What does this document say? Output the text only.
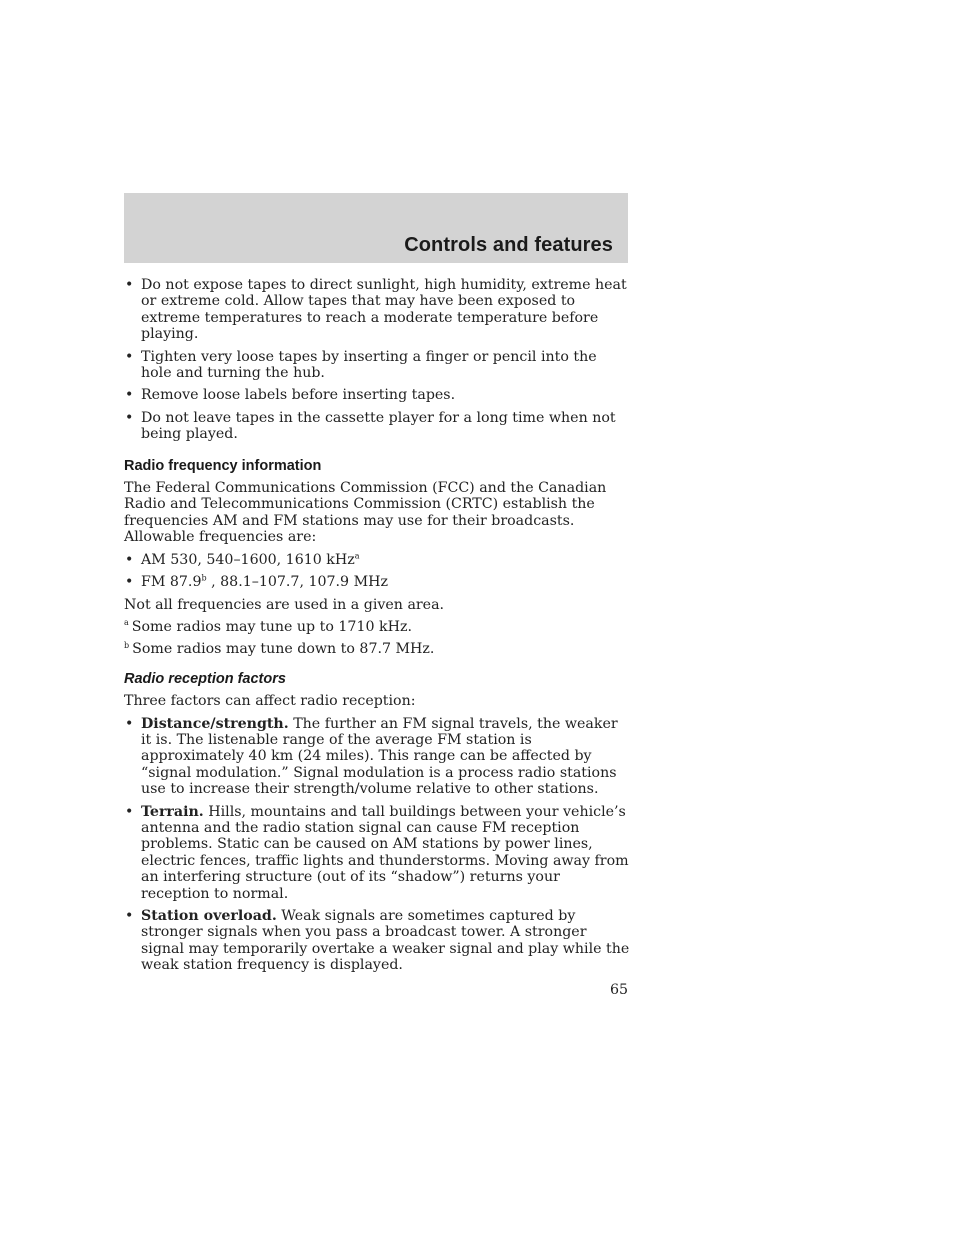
Controls and features
• Do not expose tapes to direct sunlight, high humidity, extreme heat or extreme cold. Allow tapes that may have been exposed to extreme temperatures to reach a moderate temperature before playing.
• Tighten very loose tapes by inserting a finger or pencil into the hole and turning the hub.
• Remove loose labels before inserting tapes.
• Do not leave tapes in the cassette player for a long time when not being played.
Radio frequency information

The Federal Communications Commission (FCC) and the Canadian Radio and Telecommunications Commission (CRTC) establish the frequencies AM and FM stations may use for their broadcasts. Allowable frequencies are:

• AM 530, 540–1600, 1610 kHz$^a$
• FM 87.9$^b$ , 88.1–107.7, 107.9 MHz

Not all frequencies are used in a given area.

$^a$ Some radios may tune up to 1710 kHz.

$^b$ Some radios may tune down to 87.7 MHz.

Radio reception factors

Three factors can affect radio reception:

• Distance/strength. The further an FM signal travels, the weaker it is. The listenable range of the average FM station is approximately 40 km (24 miles). This range can be affected by “signal modulation.” Signal modulation is a process radio stations use to increase their strength/volume relative to other stations.
• Terrain. Hills, mountains and tall buildings between your vehicle’s antenna and the radio station signal can cause FM reception problems. Static can be caused on AM stations by power lines, electric fences, traffic lights and thunderstorms. Moving away from an interfering structure (out of its “shadow”) returns your reception to normal.
• Station overload. Weak signals are sometimes captured by stronger signals when you pass a broadcast tower. A stronger signal may temporarily overtake a weaker signal and play while the weak station frequency is displayed.
65
